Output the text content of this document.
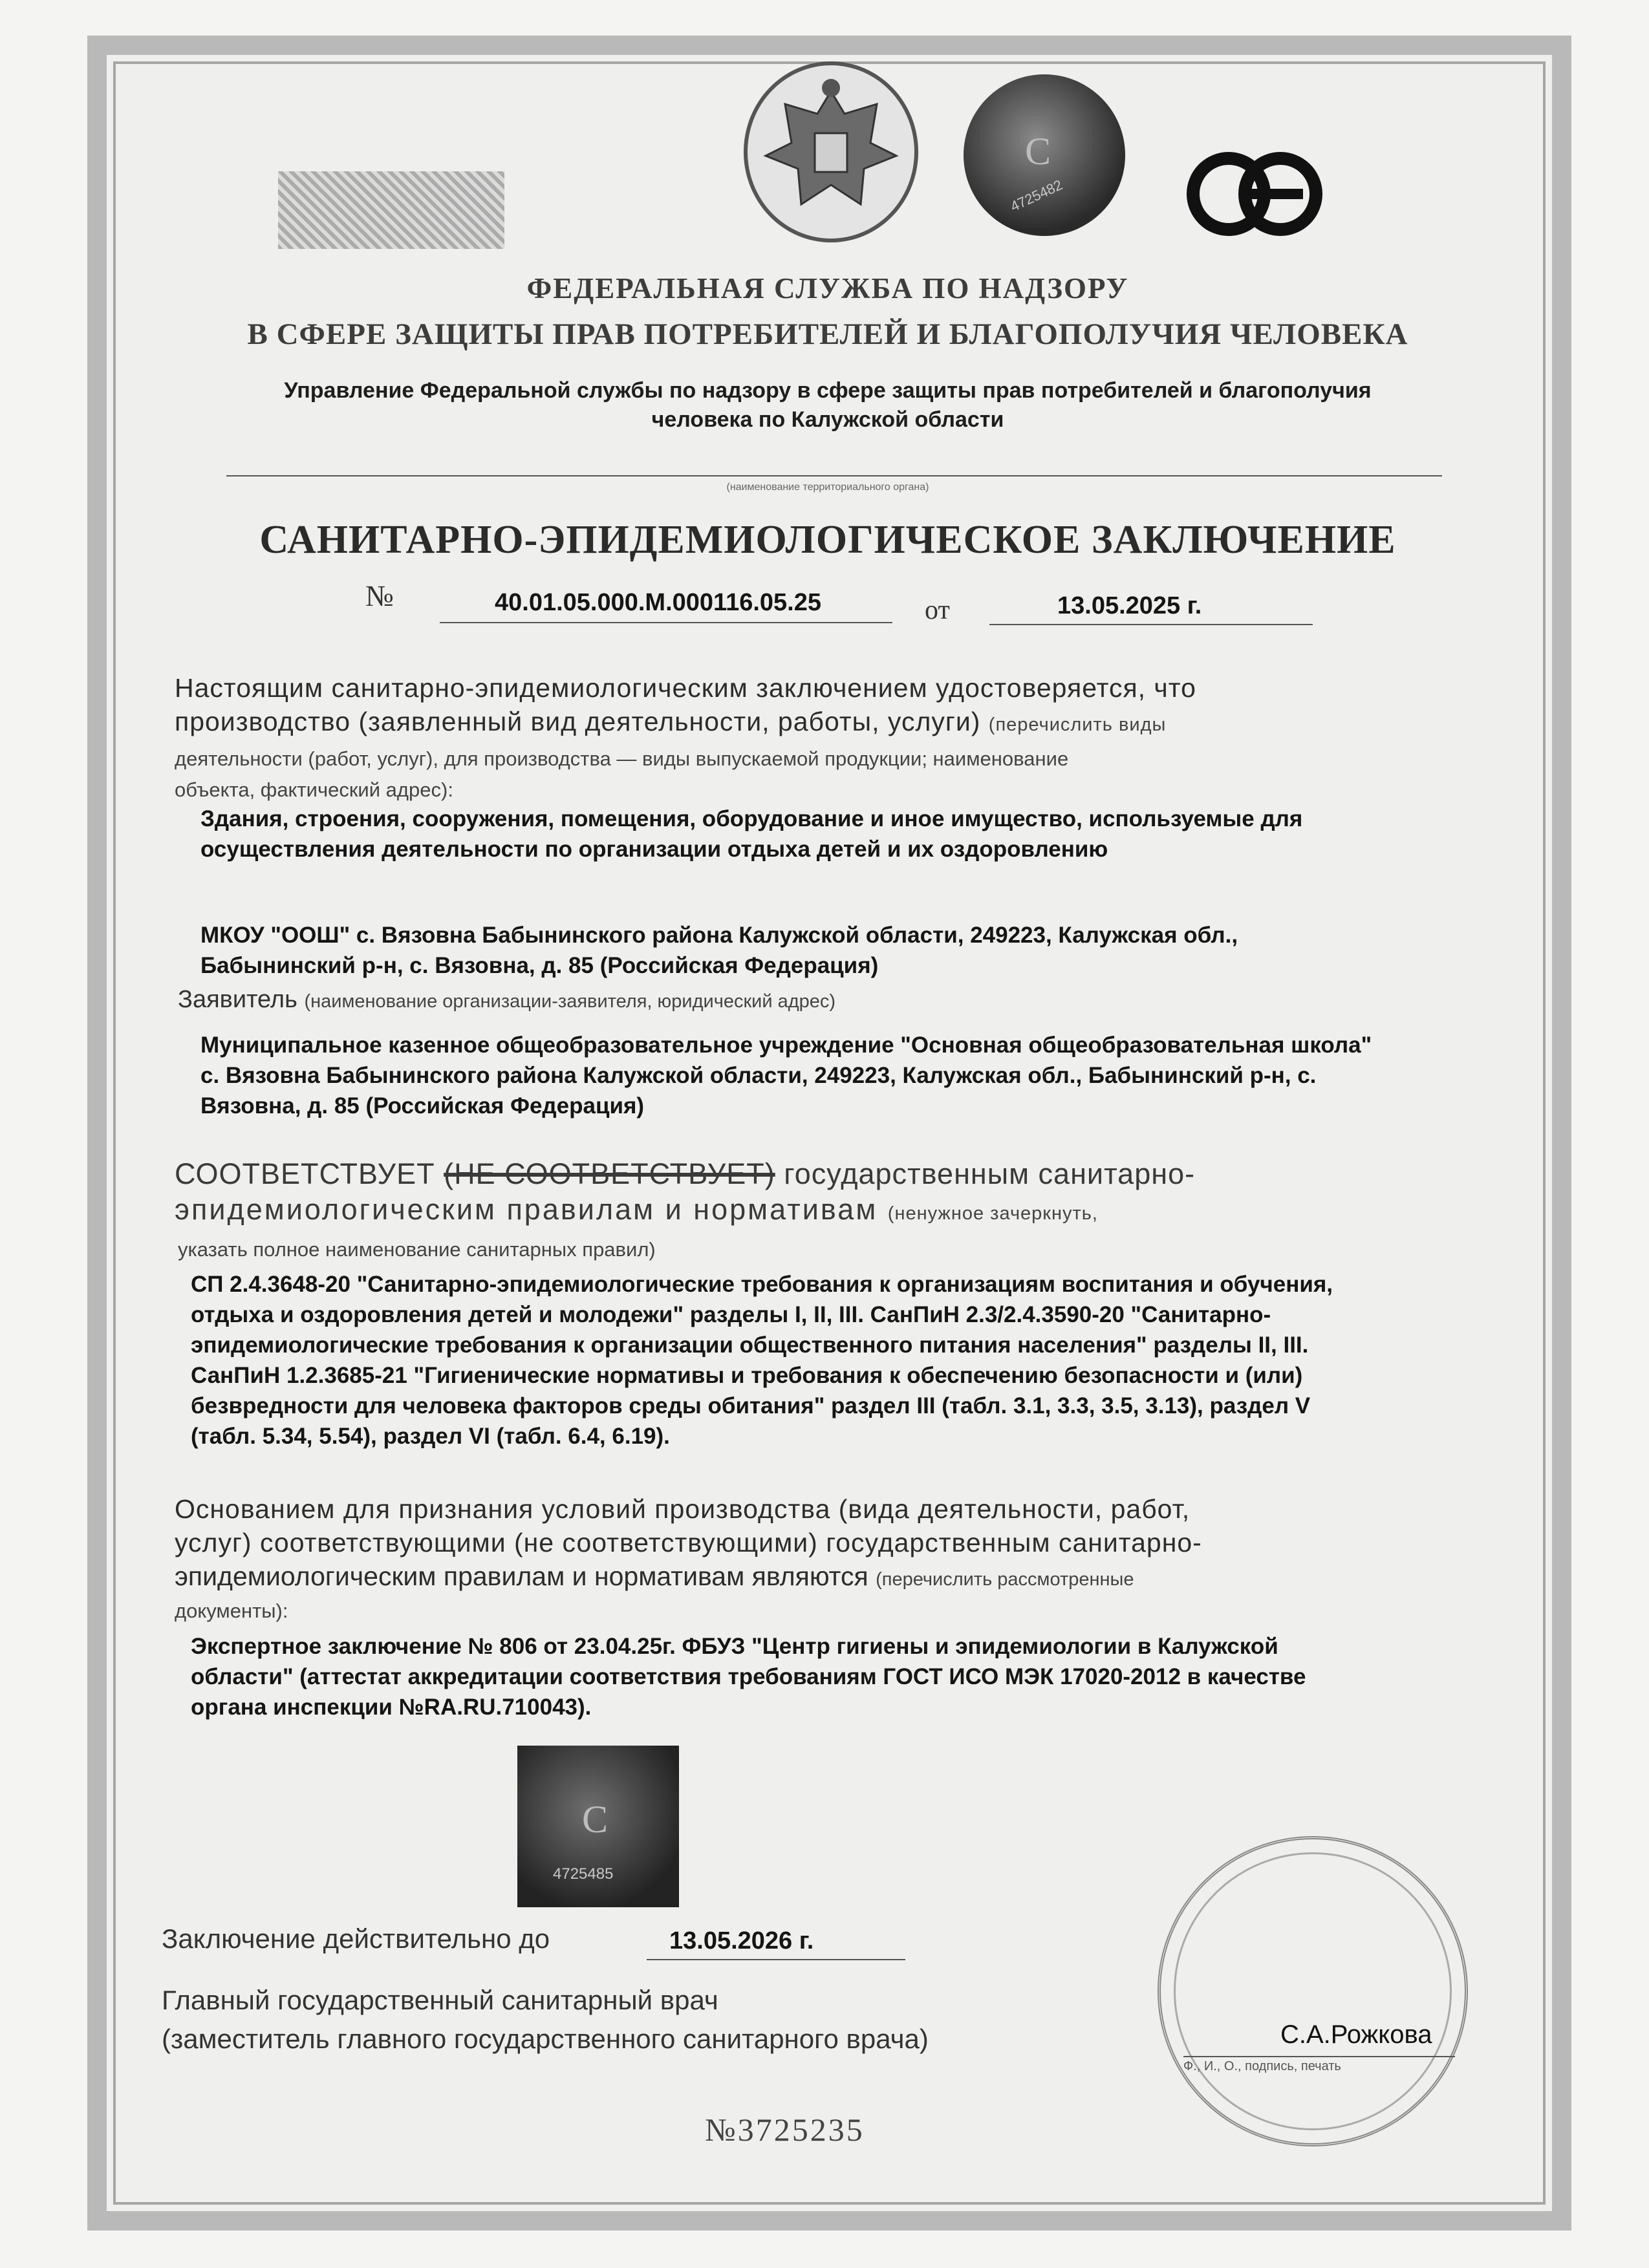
С
4725482
ФЕДЕРАЛЬНАЯ СЛУЖБА ПО НАДЗОРУ
В СФЕРЕ ЗАЩИТЫ ПРАВ ПОТРЕБИТЕЛЕЙ И БЛАГОПОЛУЧИЯ ЧЕЛОВЕКА
Управление Федеральной службы по надзору в сфере защиты прав потребителей и благополучия
человека по Калужской области
(наименование территориального органа)
САНИТАРНО-ЭПИДЕМИОЛОГИЧЕСКОЕ ЗАКЛЮЧЕНИЕ
№	40.01.05.000.М.000116.05.25	от	13.05.2025 г.
Настоящим санитарно-эпидемиологическим заключением удостоверяется, что
производство (заявленный вид деятельности, работы, услуги) (перечислить виды
деятельности (работ, услуг), для производства — виды выпускаемой продукции; наименование
объекта, фактический адрес):
Здания, строения, сооружения, помещения, оборудование и иное имущество, используемые для
осуществления деятельности по организации отдыха детей и их оздоровлению
МКОУ "ООШ" с. Вязовна Бабынинского района Калужской области, 249223, Калужская обл.,
Бабынинский р-н, с. Вязовна, д. 85 (Российская Федерация)
Заявитель (наименование организации-заявителя, юридический адрес)
Муниципальное казенное общеобразовательное учреждение "Основная общеобразовательная школа"
с. Вязовна Бабынинского района Калужской области, 249223, Калужская обл., Бабынинский р-н, с.
Вязовна, д. 85 (Российская Федерация)
СООТВЕТСТВУЕТ (НЕ СООТВЕТСТВУЕТ) государственным санитарно-
эпидемиологическим правилам и нормативам (ненужное зачеркнуть,
указать полное наименование санитарных правил)
СП 2.4.3648-20 "Санитарно-эпидемиологические требования к организациям воспитания и обучения,
отдыха и оздоровления детей и молодежи" разделы I, II, III. СанПиН 2.3/2.4.3590-20 "Санитарно-
эпидемиологические требования к организации общественного питания населения" разделы II, III.
СанПиН 1.2.3685-21 "Гигиенические нормативы и требования к обеспечению безопасности и (или)
безвредности для человека факторов среды обитания" раздел III (табл. 3.1, 3.3, 3.5, 3.13), раздел V
(табл. 5.34, 5.54), раздел VI (табл. 6.4, 6.19).
Основанием для признания условий производства (вида деятельности, работ,
услуг) соответствующими (не соответствующими) государственным санитарно-
эпидемиологическим правилам и нормативам являются (перечислить рассмотренные
документы):
Экспертное заключение № 806 от 23.04.25г. ФБУЗ "Центр гигиены и эпидемиологии в Калужской
области" (аттестат аккредитации соответствия требованиям ГОСТ ИСО МЭК 17020-2012 в качестве
органа инспекции №RA.RU.710043).
С
4725485
Заключение действительно до	13.05.2026 г.
Главный государственный санитарный врач
(заместитель главного государственного санитарного врача)	С.А.Рожкова
Ф., И., О., подпись, печать
№3725235
